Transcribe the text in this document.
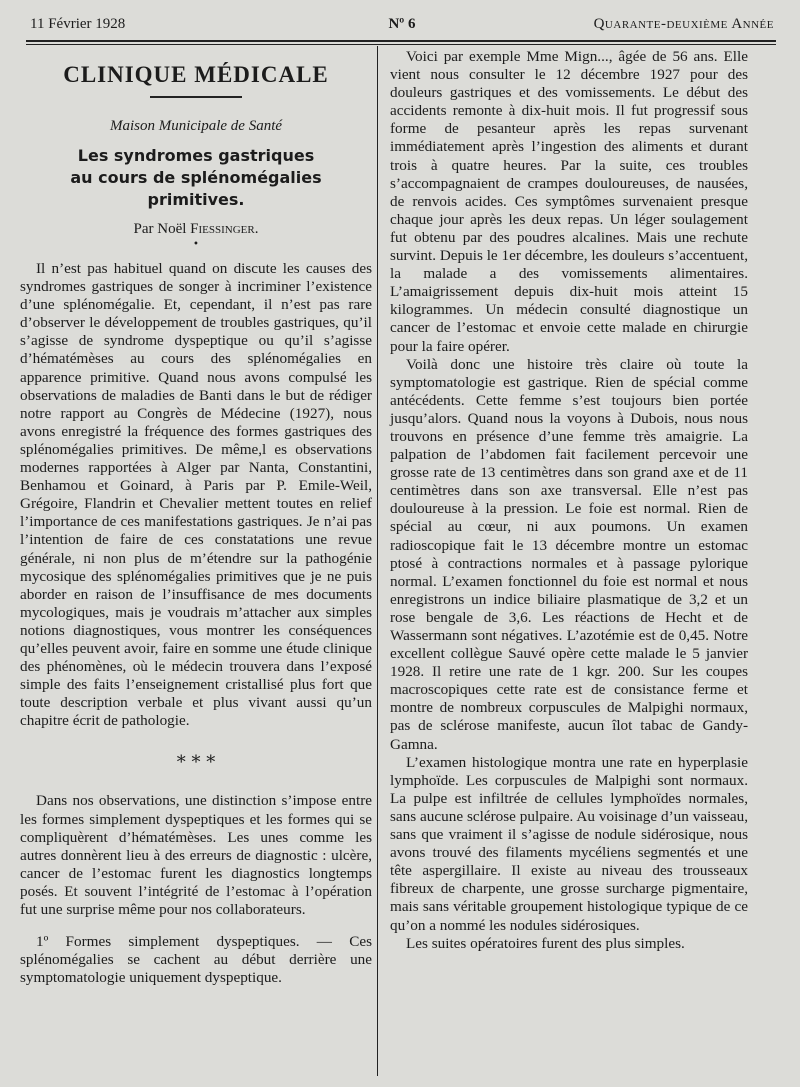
11 Février 1928	Nº 6	Quarante-deuxième Année
CLINIQUE MÉDICALE
Maison Municipale de Santé
Les syndromes gastriques
au cours de splénomégalies primitives.
Par Noël Fiessinger.
•

Il n’est pas habituel quand on discute les causes des syndromes gastriques de songer à incriminer l’existence d’une splénomégalie. Et, cependant, il n’est pas rare d’observer le développement de troubles gastriques, qu’il s’agisse de syndrome dyspeptique ou qu’il s’agisse d’hématémèses au cours des splénomégalies en apparence primitive. Quand nous avons compulsé les observations de maladies de Banti dans le but de rédiger notre rapport au Congrès de Médecine (1927), nous avons enregistré la fréquence des formes gastriques des splénomégalies primitives. De même,l es observations modernes rapportées à Alger par Nanta, Constantini, Benhamou et Goinard, à Paris par P. Emile-Weil, Grégoire, Flandrin et Chevalier mettent toutes en relief l’importance de ces manifestations gastriques. Je n’ai pas l’intention de faire de ces constatations une revue générale, ni non plus de m’étendre sur la pathogénie mycosique des splénomégalies primitives que je ne puis aborder en raison de l’insuffisance de mes documents mycologiques, mais je voudrais m’attacher aux simples notions diagnostiques, vous montrer les conséquences qu’elles peuvent avoir, faire en somme une étude clinique des phénomènes, où le médecin trouvera dans l’exposé simple des faits l’enseignement cristallisé plus fort que toute description verbale et plus vivant aussi qu’un chapitre écrit de pathologie.

* * *

Dans nos observations, une distinction s’impose entre les formes simplement dyspeptiques et les formes qui se compliquèrent d’hématémèses. Les unes comme les autres donnèrent lieu à des erreurs de diagnostic : ulcère, cancer de l’estomac furent les diagnostics longtemps posés. Et souvent l’intégrité de l’estomac à l’opération fut une surprise même pour nos collaborateurs.

1º Formes simplement dyspeptiques. — Ces splénomégalies se cachent au début derrière une symptomatologie uniquement dyspeptique.

Voici par exemple Mme Mign..., âgée de 56 ans. Elle vient nous consulter le 12 décembre 1927 pour des douleurs gastriques et des vomissements. Le début des accidents remonte à dix-huit mois. Il fut progressif sous forme de pesanteur après les repas survenant immédiatement après l’ingestion des aliments et durant trois à quatre heures. Par la suite, ces troubles s’accompagnaient de crampes douloureuses, de nausées, de renvois acides. Ces symptômes survenaient presque chaque jour après les deux repas. Un léger soulagement fut obtenu par des poudres alcalines. Mais une rechute survint. Depuis le 1er décembre, les douleurs s’accentuent, la malade a des vomissements alimentaires. L’amaigrissement depuis dix-huit mois atteint 15 kilogrammes. Un médecin consulté diagnostique un cancer de l’estomac et envoie cette malade en chirurgie pour la faire opérer.

Voilà donc une histoire très claire où toute la symptomatologie est gastrique. Rien de spécial comme antécédents. Cette femme s’est toujours bien portée jusqu’alors. Quand nous la voyons à Dubois, nous nous trouvons en présence d’une femme très amaigrie. La palpation de l’abdomen fait facilement percevoir une grosse rate de 13 centimètres dans son grand axe et de 11 centimètres dans son axe transversal. Elle n’est pas douloureuse à la pression. Le foie est normal. Rien de spécial au cœur, ni aux poumons. Un examen radioscopique fait le 13 décembre montre un estomac ptosé à contractions normales et à passage pylorique normal. L’examen fonctionnel du foie est normal et nous enregistrons un indice biliaire plasmatique de 3,2 et un rose bengale de 3,6. Les réactions de Hecht et de Wassermann sont négatives. L’azotémie est de 0,45. Notre excellent collègue Sauvé opère cette malade le 5 janvier 1928. Il retire une rate de 1 kgr. 200. Sur les coupes macroscopiques cette rate est de consistance ferme et montre de nombreux corpuscules de Malpighi normaux, pas de sclérose manifeste, aucun îlot tabac de Gandy-Gamna.

L’examen histologique montra une rate en hyperplasie lymphoïde. Les corpuscules de Malpighi sont normaux. La pulpe est infiltrée de cellules lymphoïdes normales, sans aucune sclérose pulpaire. Au voisinage d’un vaisseau, sans que vraiment il s’agisse de nodule sidérosique, nous avons trouvé des filaments mycéliens segmentés et une tête aspergillaire. Il existe au niveau des trousseaux fibreux de charpente, une grosse surcharge pigmentaire, mais sans véritable groupement histologique typique de ce qu’on a nommé les nodules sidérosiques.

Les suites opératoires furent des plus simples.
